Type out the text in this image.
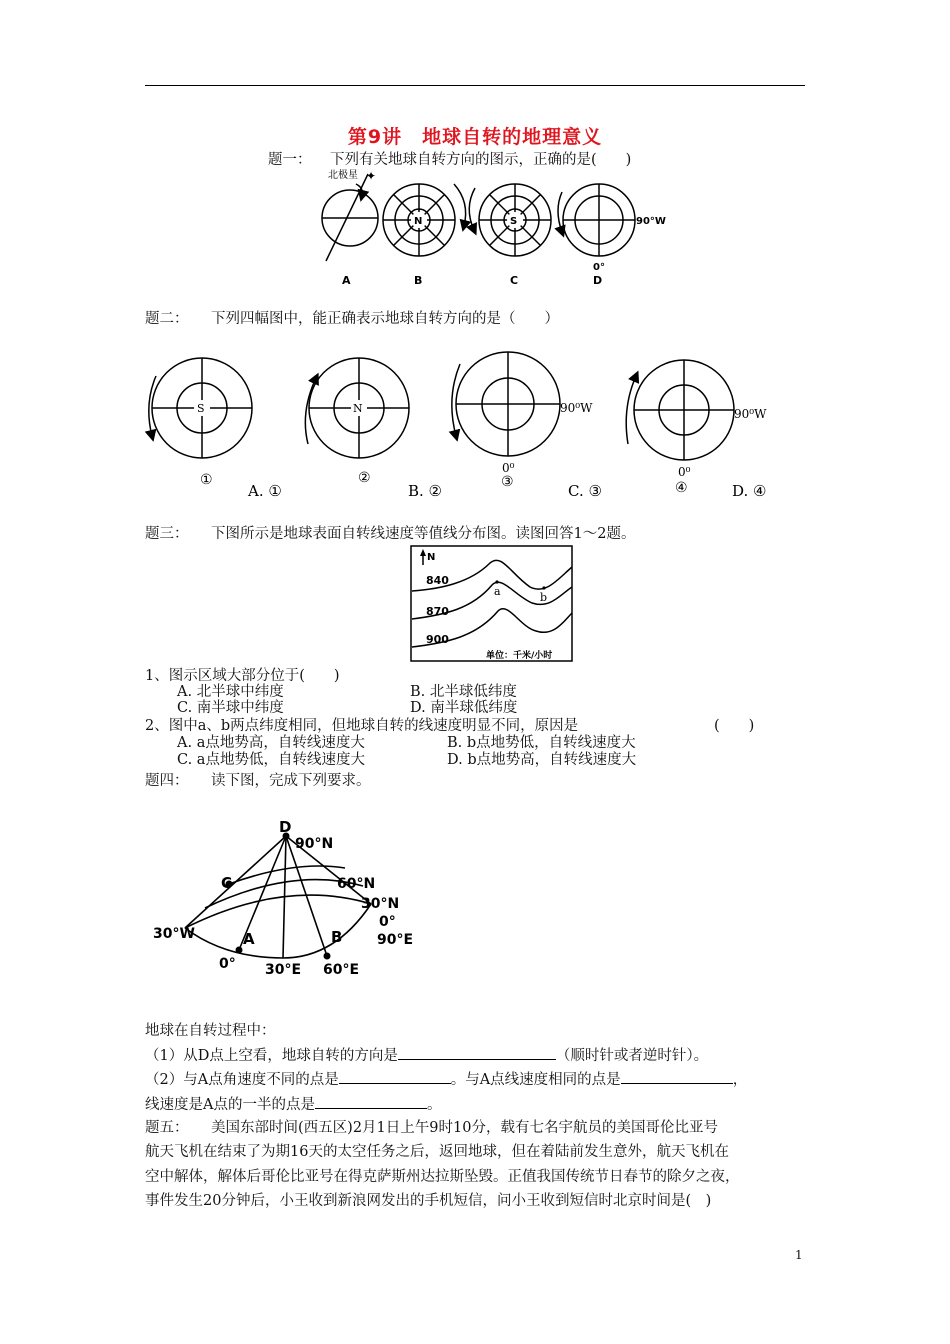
第9讲　地球自转的地理意义
题一： 下列有关地球自转方向的图示，正确的是(　　)
北极星 ✦
N	S	90°W
0°
A	B	C	D
题二： 下列四幅图中，能正确表示地球自转方向的是（　　）
S	N	90⁰W
0⁰
90⁰W
0⁰
①	②	③	④
A. ①	B. ②	C. ③	D. ④
题三： 下图所示是地球表面自转线速度等值线分布图。读图回答1～2题。
N
840
870
900
a	b
单位：千米/小时
1、图示区域大部分位于(　　)
A. 北半球中纬度	B. 北半球低纬度
C. 南半球中纬度	D. 南半球低纬度
2、图中a、b两点纬度相同，但地球自转的线速度明显不同，原因是	(　　)
A. a点地势高，自转线速度大	B. b点地势低，自转线速度大
C. a点地势低，自转线速度大	D. b点地势高，自转线速度大
题四： 读下图，完成下列要求。
D
90°N
C	60°N
30°N
0°
90°E
30°W	A	B
0° 30°E 60°E
地球在自转过程中：
（1）从D点上空看，地球自转的方向是	（顺时针或者逆时针）。
（2）与A点角速度不同的点是	。与A点线速度相同的点是	，
线速度是A点的一半的点是	。
题五： 美国东部时间(西五区)2月1日上午9时10分，载有七名宇航员的美国哥伦比亚号
航天飞机在结束了为期16天的太空任务之后，返回地球，但在着陆前发生意外，航天飞机在
空中解体，解体后哥伦比亚号在得克萨斯州达拉斯坠毁。正值我国传统节日春节的除夕之夜，
事件发生20分钟后，小王收到新浪网发出的手机短信，问小王收到短信时北京时间是(　)
1
